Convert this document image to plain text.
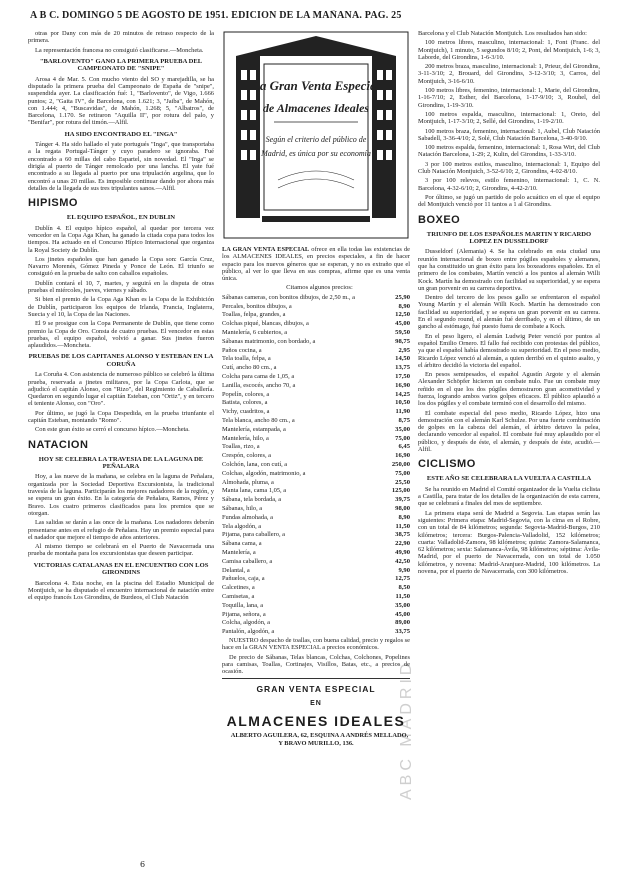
A B C. DOMINGO 5 DE AGOSTO DE 1951. EDICION DE LA MAÑANA. PAG. 25
ABC MADRID

otras por Dany con más de 20 minutos de retraso respecto de la primera.

La representación francesa no consiguió clasificarse.—Moncheta.

"BARLOVENTO" GANO LA PRIMERA PRUEBA DEL CAMPEONATO DE "SNIPE"

Arosa 4 de Mar. 5. Con mucho viento del SO y marejadilla, se ha disputado la primera prueba del Campeonato de España de "snipe", suspendida ayer. La clasificación fué: 1, "Barlovento", de Vigo, 1.666 puntos; 2, "Gaita IV", de Barcelona, con 1.621; 3, "Jaiba", de Mahón, con 1.444; 4, "Buscavidas", de Mahón, 1.268; 5, "Albatros", de Barcelona, 1.170. Se retiraron "Aquilla II", por rotura del palo, y "Benifar", por rotura del timón.—Alfil.

HA SIDO ENCONTRADO EL "INGA"

Tánger 4. Ha sido hallado el yate portugués "Inga", que transportaba a la regata Portugal-Tánger y cuyo paradero se ignoraba. Fué encontrado a 60 millas del cabo Espartel, sin novedad. El "Inga" se dirigía al puerto de Tánger remolcado por una lancha. El yate fué encontrado a su llegada al puerto por una tripulación argelina, que lo encontró a unas 20 millas. Es imposible continuar dando por ahora más detalles de la llegada de sus tres tripulantes sanos.—Alfil.

HIPISMO
EL EQUIPO ESPAÑOL, EN DUBLIN

Dublín 4. El equipo hípico español, al quedar por tercera vez vencedor en la Copa Aga Khan, ha ganado la citada copa para todos los tiempos. Ha actuado en el Concurso Hípico Internacional que organiza la Royal Society de Dublín.

Los jinetes españoles que han ganado la Copa son: García Cruz, Navarro Morenés, Gómez Pineda y Ponce de León. El triunfo se consiguió en la prueba de salto con caballos españoles.

Dublín contará el 10, 7, martes, y seguirá en la disputa de otras pruebas el miércoles, jueves, viernes y sábado.

Si bien el premio de la Copa Aga Khan es la Copa de la Exhibición de Dublín, participaron los equipos de Irlanda, Francia, Inglaterra, Suecia y el 10, la Copa de las Naciones.

El 9 se prosigue con la Copa Permanente de Dublín, que tiene como premio la Copa de Oro. Consta de cuatro pruebas. El vencedor en estas pruebas, el equipo español, volvió a ganar. Sus jinetes fueron aplaudidos.—Moncheta.

PRUEBAS DE LOS CAPITANES ALONSO Y ESTEBAN EN LA CORUÑA

La Coruña 4. Con asistencia de numeroso público se celebró la última prueba, reservada a jinetes militares, por la Copa Carlota, que se adjudicó el capitán Alonso, con "Rizo", del Regimiento de Caballería. Quedaron en segundo lugar el capitán Esteban, con "Ortiz", y en tercero el teniente Alonso, con "Oro".

Por último, se jugó la Copa Despedida, en la prueba triunfante el capitán Esteban, montando "Romo".

Con este gran éxito se cerró el concurso hípico.—Moncheta.

NATACION
HOY SE CELEBRA LA TRAVESIA DE LA LAGUNA DE PEÑALARA

Hoy, a las nueve de la mañana, se celebra en la laguna de Peñalara, organizada por la Sociedad Deportiva Excursionista, la tradicional travesía de la laguna. Participarán los mejores nadadores de la región, y se espera un gran éxito. En la categoría de Peñalara, Ramos, Pérez y Bravo. Los cuatro primeros clasificados para los premios que se otorgan.

Las salidas se darán a las once de la mañana. Los nadadores deberán presentarse antes en el refugio de Peñalara. Hay un premio especial para el nadador que mejore el tiempo de años anteriores.

Al mismo tiempo se celebrará en el Puerto de Navacerrada una prueba de montaña para los excursionistas que deseen participar.

VICTORIAS CATALANAS EN EL ENCUENTRO CON LOS GIRONDINS

Barcelona 4. Esta noche, en la piscina del Estadio Municipal de Montjuich, se ha disputado el encuentro internacional de natación entre el equipo francés Los Girondins, de Burdeos, el Club Natación

La Gran Venta Especial
de Almacenes Ideales
Según el criterio del público de
Madrid, es única por su economía

LA GRAN VENTA ESPECIAL ofrece en ella todas las existencias de los ALMACENES IDEALES, en precios especiales, a fin de hacer espacio para los nuevos géneros que se esperan, y no es extraño que el público, al ver lo que lleva en sus compras, afirme que es una venta única.

Citamos algunos precios:

Sábanas cameras, con bonitos dibujos, de 2,50 m., a	25,90
Percales, bonitos dibujos, a	8,90
Toallas, felpa, grandes, a	12,50
Colchas piqué, blancas, dibujos, a	45,00
Mantelería, 6 cubiertos, a	59,50
Sábanas matrimonio, con bordado, a	98,75
Paños cocina, a	2,95
Tela toalla, felpa, a	14,50
Cutí, ancho 80 cm., a	13,75
Colcha para cama de 1,05, a	17,50
Lanilla, escocés, ancho 70, a	16,90
Popelín, colores, a	14,25
Batista, colores, a	10,50
Vichy, cuadritos, a	11,90
Tela blanca, ancho 80 cm., a	8,75
Mantelería, estampada, a	35,00
Mantelería, hilo, a	75,00
Toallas, rizo, a	6,45
Crespón, colores, a	16,90
Colchón, lana, con cutí, a	250,00
Colchas, algodón, matrimonio, a	75,00
Almohada, pluma, a	25,50
Manta lana, cama 1,05, a	125,00
Sábana, tela bordada, a	39,75
Sábanas, hilo, a	98,00
Fundas almohada, a	8,90
Tela algodón, a	11,50
Pijama, para caballero, a	38,75
Sábana cama, a	22,90
Mantelería, a	49,90
Camisa caballero, a	42,50
Delantal, a	9,90
Pañuelos, caja, a	12,75
Calcetines, a	8,50
Camisetas, a	11,50
Toquilla, lana, a	35,00
Pijama, señora, a	45,00
Colcha, algodón, a	89,00
Pantalón, algodón, a	33,75

NUESTRO despacho de toallas, con buena calidad, precio y regalos se hace en la GRAN VENTA ESPECIAL a precios económicos.

De precio de Sábanas, Telas blancas, Colchas, Colchones, Popelines para camisas, Toallas, Cortinajes, Visillos, Batas, etc., a precios de ocasión.

GRAN VENTA ESPECIAL
EN
ALMACENES IDEALES

ALBERTO AGUILERA, 62, ESQUINA A ANDRÉS MELLADO, Y BRAVO MURILLO, 136.

Barcelona y el Club Natación Montjuich. Los resultados han sido:

100 metros libres, masculino, internacional: 1, Font (Franc. del Montjuich), 1 minuto, 5 segundos 8/10; 2, Pont, del Montjuich, 1-6; 3, Laborde, del Girondins, 1-6-3/10.

200 metros braza, masculino, internacional: 1, Prieur, del Girondins, 3-11-3/10; 2, Brouard, del Girondins, 3-12-3/10; 3, Carros, del Montjuich, 3-16-6/10.

100 metros libres, femenino, internacional: 1, Marie, del Girondins, 1-16-7/10; 2, Esther, del Barcelona, 1-17-9/10; 3, Rouhel, del Girondins, 1-19-3/10.

100 metros espalda, masculino, internacional: 1, Oreto, del Montjuich, 1-17-3/10; 2, Sellé, del Girondins, 1-19-2/10.

100 metros braza, femenino, internacional: 1, Aubel, Club Natación Sabadell, 3-36-4/10; 2, Solé, Club Natación Barcelona, 3-40-9/10.

100 metros espalda, femenino, internacional: 1, Rosa Wirt, del Club Natación Barcelona, 1-29; 2, Kulin, del Girondins, 1-33-3/10.

3 por 100 metros estilos, masculino, internacional: 1, Equipo del Club Natación Montjuich, 3-52-6/10; 2, Girondins, 4-02-8/10.

3 por 100 relevos, estilo femenino, internacional: 1, C. N. Barcelona, 4-32-6/10; 2, Girondins, 4-42-2/10.

Por último, se jugó un partido de polo acuático en el que el equipo del Montjuich venció por 11 tantos a 1 al Girondins.

BOXEO
TRIUNFO DE LOS ESPAÑOLES MARTIN Y RICARDO LOPEZ EN DUSSELDORF

Dusseldorf (Alemania) 4. Se ha celebrado en esta ciudad una reunión internacional de boxeo entre púgiles españoles y alemanes, que ha constituido un gran éxito para los boxeadores españoles. En el primero de los combates, Martín venció a los puntos al alemán Willi Kock. Martín ha demostrado con facilidad su superioridad, y se espera un gran porvenir en su carrera deportiva.

Dentro del tercero de los pesos gallo se enfrentaron el español Young Martín y el alemán Willi Koch. Martín ha demostrado con facilidad su superioridad, y se espera un gran porvenir en su carrera. En el segundo round, el alemán fué derribado, y en el último, de un gancho al estómago, fué puesto fuera de combate a Koch.

En el peso ligero, el alemán Ludwig Peter venció por puntos al español Emilio Ornero. El fallo fué recibido con protestas del público, ya que el español había demostrado su superioridad. En el peso medio, Ricardo López venció al alemán, a quien derribó en el quinto asalto, y el árbitro decidió la victoria del español.

En pesos semipesados, el español Agustín Argote y el alemán Alexander Schöpfer hicieron un combate nulo. Fue un combate muy reñido en el que los dos púgiles demostraron gran acometividad y fuerza, logrando ambos varios golpes eficaces. El público aplaudió a los dos púgiles y el combate terminó con el desarrollo del mismo.

El combate especial del peso medio, Ricardo López, hizo una demostración con el alemán Karl Schulze. Por una fuerte combinación de golpes en la cabeza del alemán, el árbitro detuvo la pelea, declarando vencedor al español. El combate fué muy aplaudido por el público, y después de éste, el alemán, y después de éste, acudió.—Alfil.

CICLISMO
ESTE AÑO SE CELEBRARA LA VUELTA A CASTILLA

Se ha reunido en Madrid el Comité organizador de la Vuelta ciclista a Castilla, para tratar de los detalles de la organización de esta carrera, que se celebrará a finales del mes de septiembre.

La primera etapa será de Madrid a Segovia. Las etapas serán las siguientes: Primera etapa: Madrid-Segovia, con la cima en el Robre, con un total de 84 kilómetros; segunda: Segovia-Madrid-Burgos, 210 kilómetros; tercera: Burgos-Palencia-Valladolid, 152 kilómetros; cuarta: Valladolid-Zamora, 98 kilómetros; quinta: Zamora-Salamanca, 62 kilómetros; sexta: Salamanca-Ávila, 98 kilómetros; séptima: Ávila-Madrid, por el puerto de Navacerrada, con un total de 1.050 kilómetros, y novena: Madrid-Aranjuez-Madrid, 100 kilómetros. La novena, por el puerto de Navacerrada, con 300 kilómetros.

6
